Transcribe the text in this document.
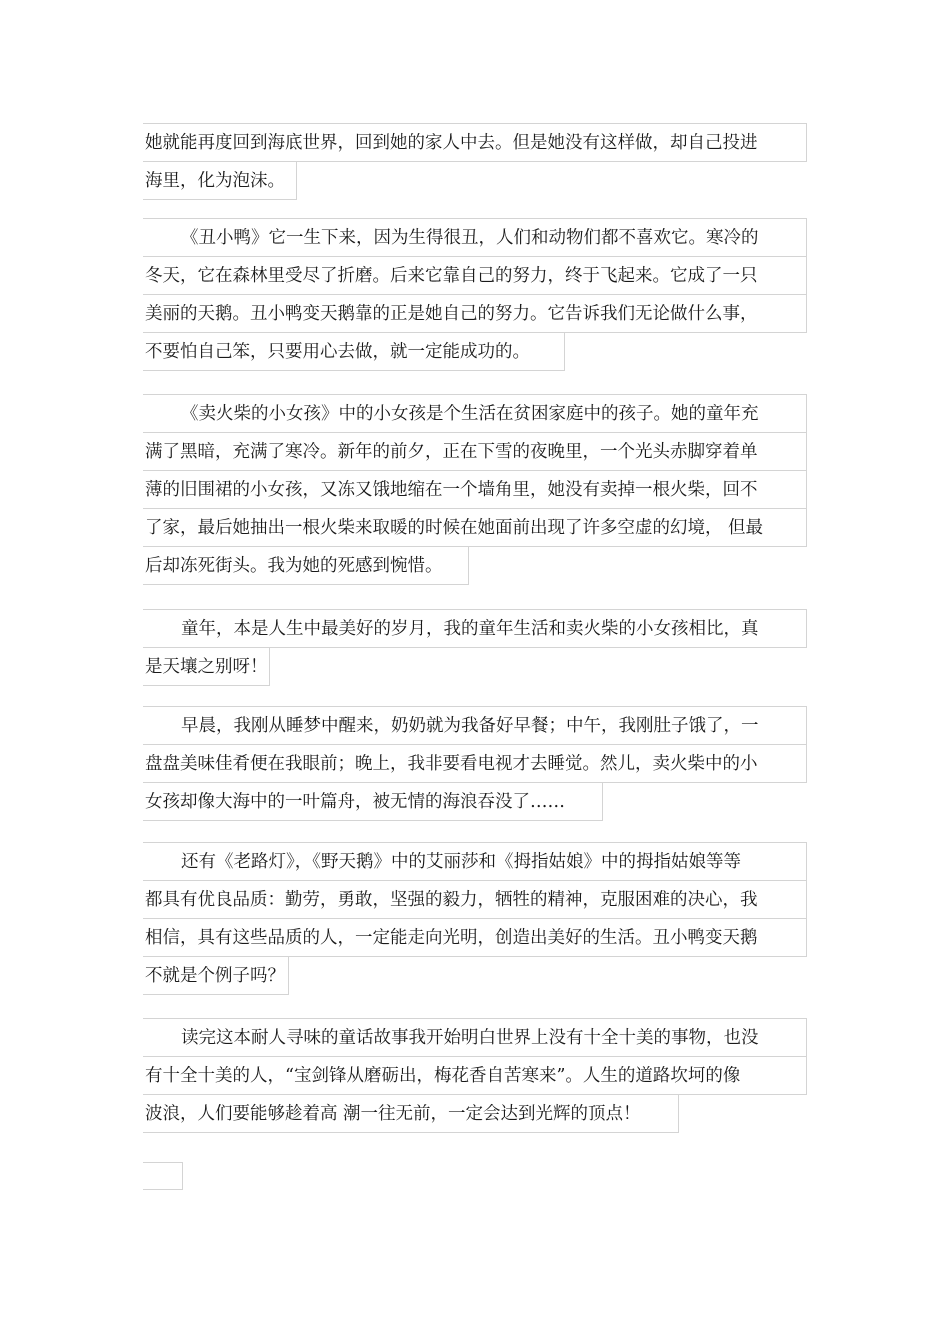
她就能再度回到海底世界，回到她的家人中去。但是她没有这样做，却自己投进
海里，化为泡沫。
《丑小鸭》它一生下来，因为生得很丑，人们和动物们都不喜欢它。寒冷的
冬天，它在森林里受尽了折磨。后来它靠自己的努力，终于飞起来。它成了一只
美丽的天鹅。丑小鸭变天鹅靠的正是她自己的努力。它告诉我们无论做什么事，
不要怕自己笨，只要用心去做，就一定能成功的。
《卖火柴的小女孩》中的小女孩是个生活在贫困家庭中的孩子。她的童年充
满了黑暗，充满了寒冷。新年的前夕，正在下雪的夜晚里，一个光头赤脚穿着单
薄的旧围裙的小女孩，又冻又饿地缩在一个墙角里，她没有卖掉一根火柴，回不
了家，最后她抽出一根火柴来取暖的时候在她面前出现了许多空虚的幻境， 但最
后却冻死街头。我为她的死感到惋惜。
童年，本是人生中最美好的岁月，我的童年生活和卖火柴的小女孩相比，真
是天壤之别呀！
早晨，我刚从睡梦中醒来，奶奶就为我备好早餐；中午，我刚肚子饿了，一
盘盘美味佳肴便在我眼前；晚上，我非要看电视才去睡觉。然儿，卖火柴中的小
女孩却像大海中的一叶篇舟，被无情的海浪吞没了……
还有《老路灯》，《野天鹅》中的艾丽莎和《拇指姑娘》中的拇指姑娘等等
都具有优良品质：勤劳，勇敢，坚强的毅力，牺牲的精神，克服困难的决心，我
相信，具有这些品质的人，一定能走向光明，创造出美好的生活。丑小鸭变天鹅
不就是个例子吗？
读完这本耐人寻味的童话故事我开始明白世界上没有十全十美的事物，也没
有十全十美的人，“宝剑锋从磨砺出，梅花香自苦寒来”。人生的道路坎坷的像
波浪，人们要能够趁着高 潮一往无前，一定会达到光辉的顶点！
